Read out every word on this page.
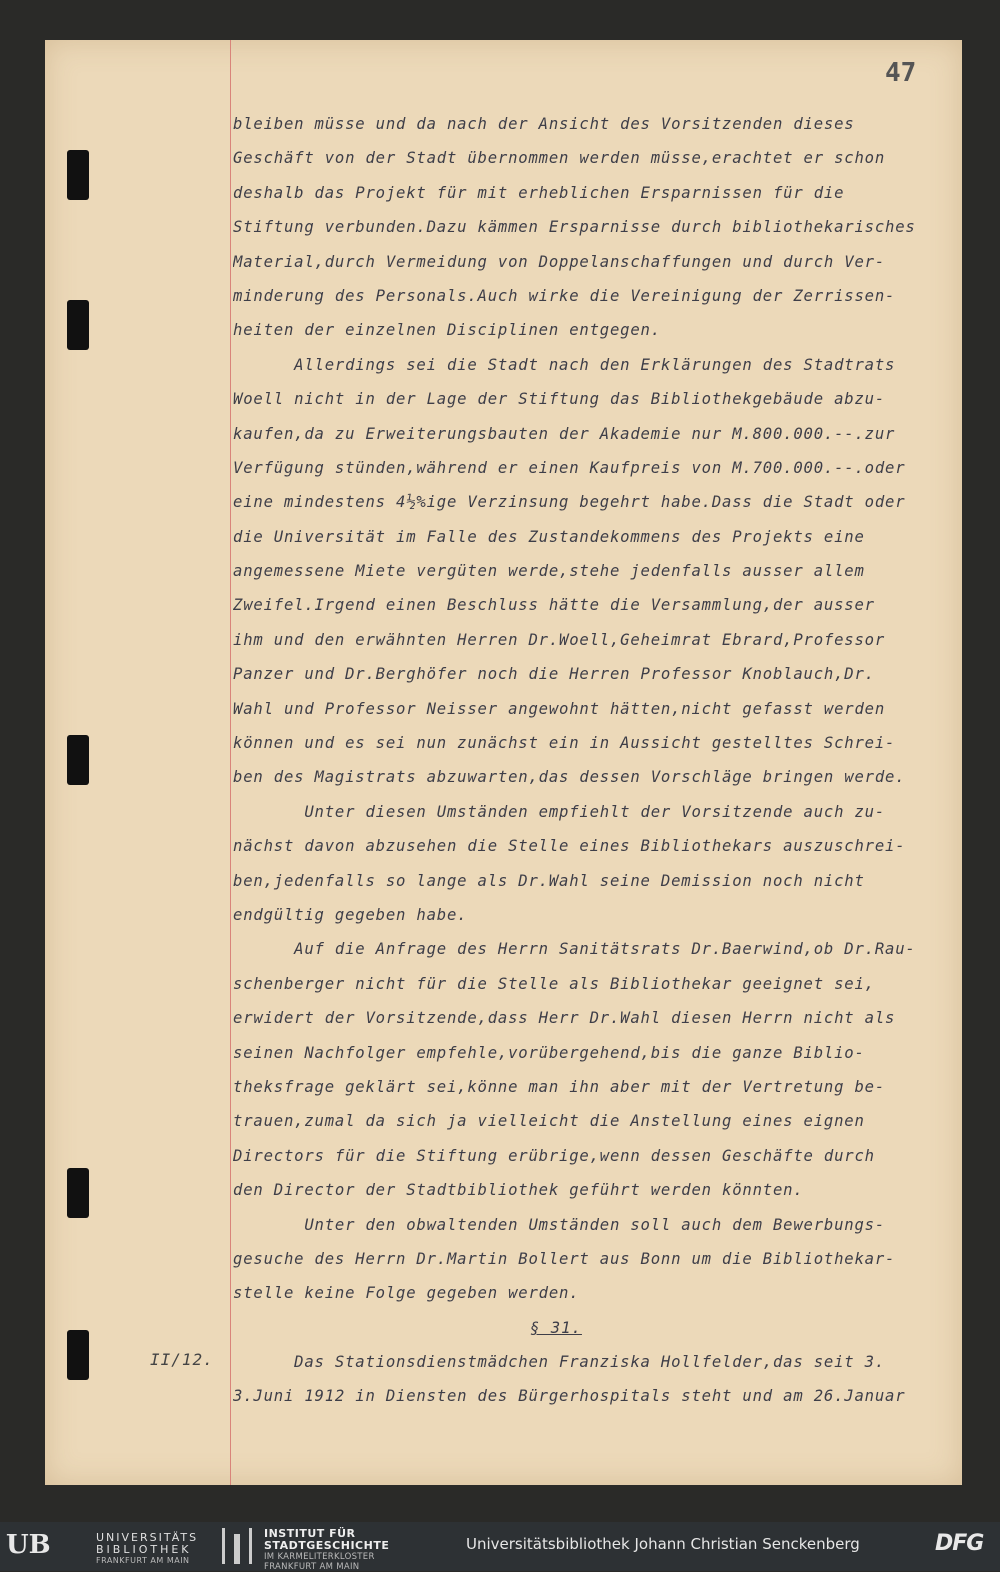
47
II/12.
bleiben müsse und da nach der Ansicht des Vorsitzenden dieses
Geschäft von der Stadt übernommen werden müsse,erachtet er schon
deshalb das Projekt für mit erheblichen Ersparnissen für die
Stiftung verbunden.Dazu kämmen Ersparnisse durch bibliothekarisches
Material,durch Vermeidung von Doppelanschaffungen und durch Ver-
minderung des Personals.Auch wirke die Vereinigung der Zerrissen-
heiten der einzelnen Disciplinen entgegen.
Allerdings sei die Stadt nach den Erklärungen des Stadtrats
Woell nicht in der Lage der Stiftung das Bibliothekgebäude abzu-
kaufen,da zu Erweiterungsbauten der Akademie nur M.800.000.--.zur
Verfügung stünden,während er einen Kaufpreis von M.700.000.--.oder
eine mindestens 4½%ige Verzinsung begehrt habe.Dass die Stadt oder
die Universität im Falle des Zustandekommens des Projekts eine
angemessene Miete vergüten werde,stehe jedenfalls ausser allem
Zweifel.Irgend einen Beschluss hätte die Versammlung,der ausser
ihm und den erwähnten Herren Dr.Woell,Geheimrat Ebrard,Professor
Panzer und Dr.Berghöfer noch die Herren Professor Knoblauch,Dr.
Wahl und Professor Neisser angewohnt hätten,nicht gefasst werden
können und es sei nun zunächst ein in Aussicht gestelltes Schrei-
ben des Magistrats abzuwarten,das dessen Vorschläge bringen werde.
Unter diesen Umständen empfiehlt der Vorsitzende auch zu-
nächst davon abzusehen die Stelle eines Bibliothekars auszuschrei-
ben,jedenfalls so lange als Dr.Wahl seine Demission noch nicht
endgültig gegeben habe.
Auf die Anfrage des Herrn Sanitätsrats Dr.Baerwind,ob Dr.Rau-
schenberger nicht für die Stelle als Bibliothekar geeignet sei,
erwidert der Vorsitzende,dass Herr Dr.Wahl diesen Herrn nicht als
seinen Nachfolger empfehle,vorübergehend,bis die ganze Biblio-
theksfrage geklärt sei,könne man ihn aber mit der Vertretung be-
trauen,zumal da sich ja vielleicht die Anstellung eines eignen
Directors für die Stiftung erübrige,wenn dessen Geschäfte durch
den Director der Stadtbibliothek geführt werden könnten.
Unter den obwaltenden Umständen soll auch dem Bewerbungs-
gesuche des Herrn Dr.Martin Bollert aus Bonn um die Bibliothekar-
stelle keine Folge gegeben werden.
§ 31.
Das Stationsdienstmädchen Franziska Hollfelder,das seit 3.
3.Juni 1912 in Diensten des Bürgerhospitals steht und am 26.Januar
UB	UNIVERSITÄTS
BIBLIOTHEK
FRANKFURT AM MAIN
INSTITUT FÜR
STADTGESCHICHTE
IM KARMELITERKLOSTER
FRANKFURT AM MAIN
Universitätsbibliothek Johann Christian Senckenberg	DFG
